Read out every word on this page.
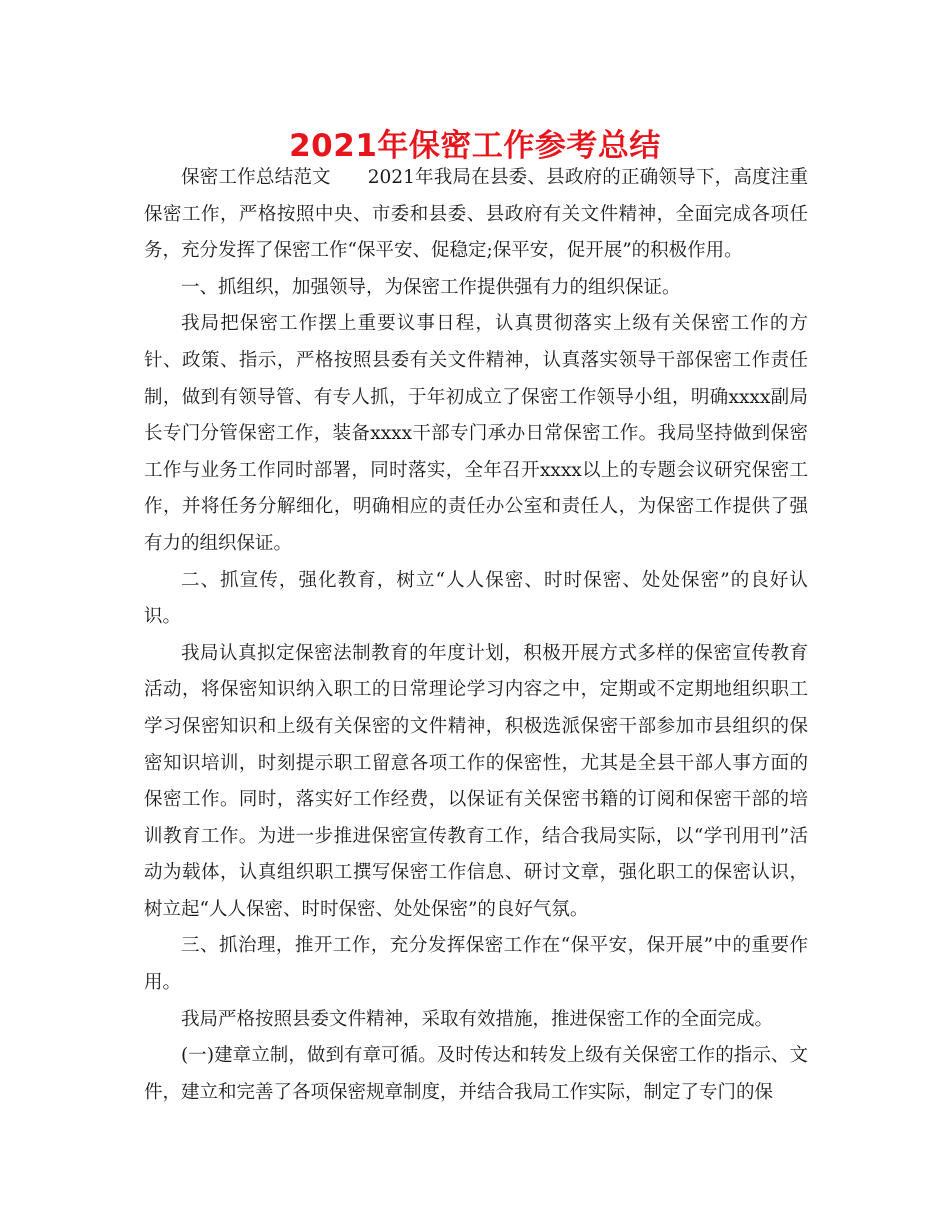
2021年保密工作参考总结

保密工作总结范文 2021年我局在县委、县政府的正确领导下，高度注重保密工作，严格按照中央、市委和县委、县政府有关文件精神，全面完成各项任务，充分发挥了保密工作“保平安、促稳定;保平安，促开展”的积极作用。

一、抓组织，加强领导，为保密工作提供强有力的组织保证。

我局把保密工作摆上重要议事日程，认真贯彻落实上级有关保密工作的方针、政策、指示，严格按照县委有关文件精神，认真落实领导干部保密工作责任制，做到有领导管、有专人抓，于年初成立了保密工作领导小组，明确xxxx副局长专门分管保密工作，装备xxxx干部专门承办日常保密工作。我局坚持做到保密工作与业务工作同时部署，同时落实，全年召开xxxx以上的专题会议研究保密工作，并将任务分解细化，明确相应的责任办公室和责任人，为保密工作提供了强有力的组织保证。

二、抓宣传，强化教育，树立“人人保密、时时保密、处处保密”的良好认识。

我局认真拟定保密法制教育的年度计划，积极开展方式多样的保密宣传教育活动，将保密知识纳入职工的日常理论学习内容之中，定期或不定期地组织职工学习保密知识和上级有关保密的文件精神，积极选派保密干部参加市县组织的保密知识培训，时刻提示职工留意各项工作的保密性，尤其是全县干部人事方面的保密工作。同时，落实好工作经费，以保证有关保密书籍的订阅和保密干部的培训教育工作。为进一步推进保密宣传教育工作，结合我局实际，以“学刊用刊”活动为载体，认真组织职工撰写保密工作信息、研讨文章，强化职工的保密认识，树立起“人人保密、时时保密、处处保密”的良好气氛。

三、抓治理，推开工作，充分发挥保密工作在“保平安，保开展”中的重要作用。

我局严格按照县委文件精神，采取有效措施，推进保密工作的全面完成。

(一)建章立制，做到有章可循。及时传达和转发上级有关保密工作的指示、文件，建立和完善了各项保密规章制度，并结合我局工作实际，制定了专门的保
